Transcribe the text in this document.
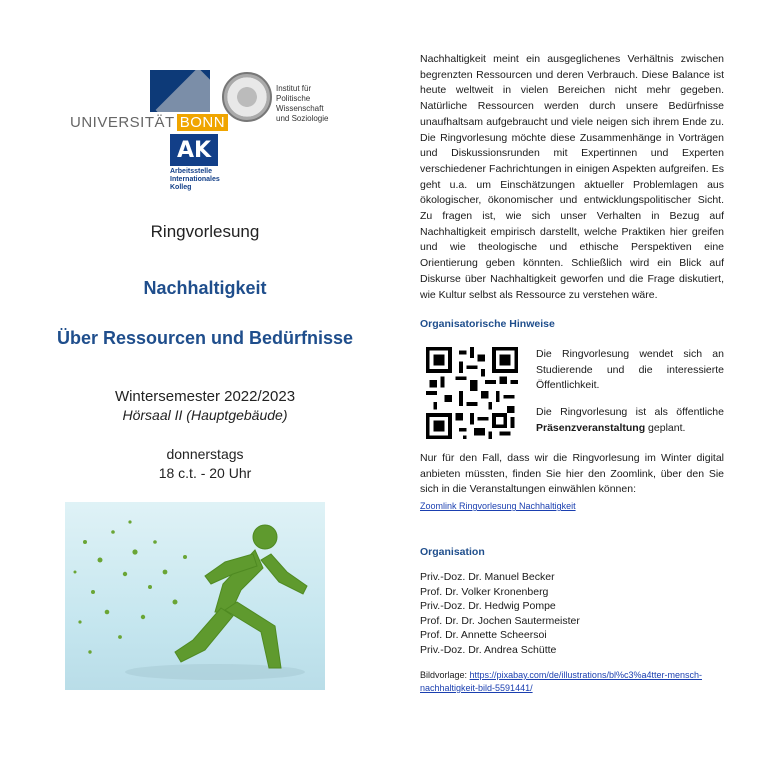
UNIVERSITÄT BONN
Institut für
Politische
Wissenschaft
und Soziologie
AK
Arbeitsstelle
Internationales
Kolleg
Ringvorlesung
Nachhaltigkeit
Über Ressourcen und Bedürfnisse
Wintersemester 2022/2023
Hörsaal II (Hauptgebäude)
donnerstags
18 c.t. - 20 Uhr

Nachhaltigkeit meint ein ausgeglichenes Verhältnis zwischen begrenzten Ressourcen und deren Verbrauch. Diese Balance ist heute weltweit in vielen Bereichen nicht mehr gegeben. Natürliche Ressourcen werden durch unsere Bedürfnisse unaufhaltsam aufgebraucht und viele neigen sich ihrem Ende zu. Die Ringvorlesung möchte diese Zusammenhänge in Vorträgen und Diskussionsrunden mit Expertinnen und Experten verschiedener Fachrichtungen in einigen Aspekten aufgreifen. Es geht u.a. um Einschätzungen aktueller Problemlagen aus ökologischer, ökonomischer und entwicklungspolitischer Sicht. Zu fragen ist, wie sich unser Verhalten in Bezug auf Nachhaltigkeit empirisch darstellt, welche Praktiken hier greifen und wie theologische und ethische Perspektiven eine Orientierung geben könnten. Schließlich wird ein Blick auf Diskurse über Nachhaltigkeit geworfen und die Frage diskutiert, wie Kultur selbst als Ressource zu verstehen wäre.

Organisatorische Hinweise

Die Ringvorlesung wendet sich an Studierende und die interessierte Öffentlichkeit.

Die Ringvorlesung ist als öffentliche Präsenzveranstaltung geplant.

Nur für den Fall, dass wir die Ringvorlesung im Winter digital anbieten müssten, finden Sie hier den Zoomlink, über den Sie sich in die Veranstaltungen einwählen können:
Zoomlink Ringvorlesung Nachhaltigkeit
Organisation
Priv.-Doz. Dr. Manuel Becker
Prof. Dr. Volker Kronenberg
Priv.-Doz. Dr. Hedwig Pompe
Prof. Dr. Dr. Jochen Sautermeister
Prof. Dr. Annette Scheersoi
Priv.-Doz. Dr. Andrea Schütte
Bildvorlage: https://pixabay.com/de/illustrations/bl%c3%a4tter-mensch-nachhaltigkeit-bild-5591441/
